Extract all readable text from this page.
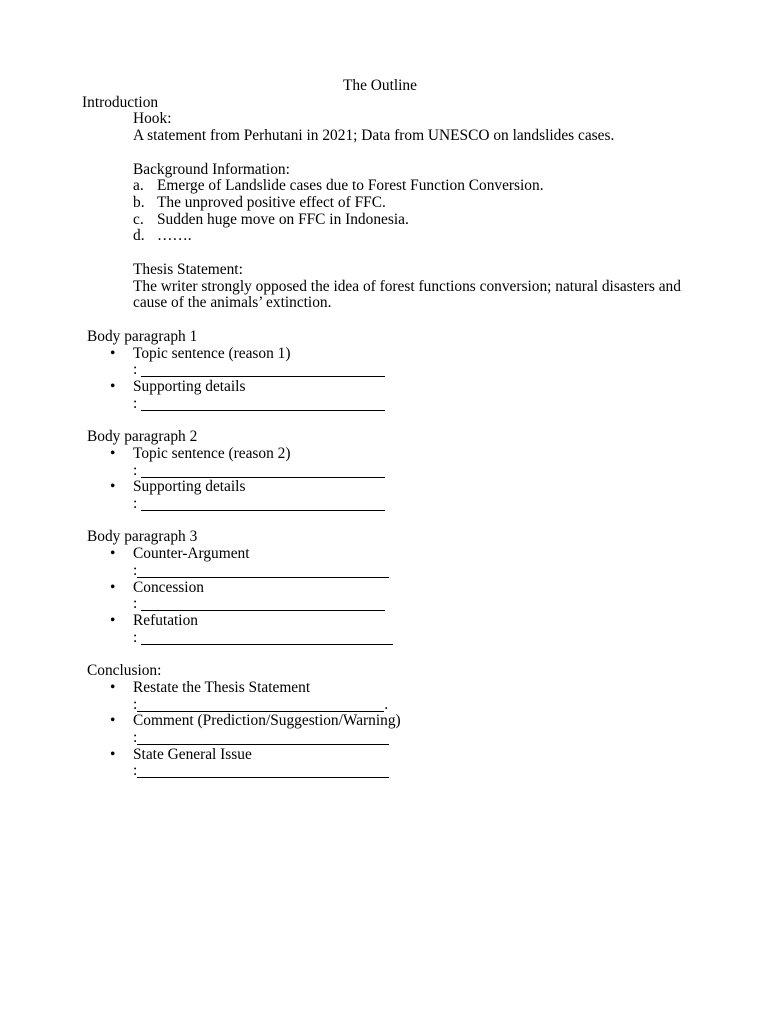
The Outline
Introduction
Hook:
A statement from Perhutani in 2021; Data from UNESCO on landslides cases.
Background Information:
a. Emerge of Landslide cases due to Forest Function Conversion.
b. The unproved positive effect of FFC.
c. Sudden huge move on FFC in Indonesia.
d. …….
Thesis Statement:
The writer strongly opposed the idea of forest functions conversion; natural disasters and
cause of the animals’ extinction.
Body paragraph 1
• Topic sentence (reason 1)
:
• Supporting details
:
Body paragraph 2
• Topic sentence (reason 2)
:
• Supporting details
:
Body paragraph 3
• Counter-Argument
:
• Concession
:
• Refutation
:
Conclusion:
• Restate the Thesis Statement
:	.
• Comment (Prediction/Suggestion/Warning)
:
• State General Issue
:
